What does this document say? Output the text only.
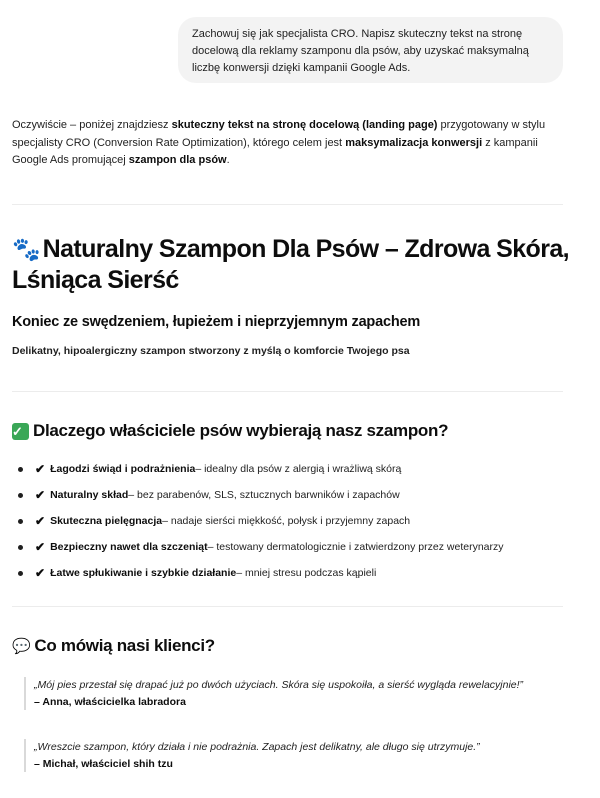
Zachowuj się jak specjalista CRO. Napisz skuteczny tekst na stronę
docelową dla reklamy szamponu dla psów, aby uzyskać maksymalną
liczbę konwersji dzięki kampanii Google Ads.

Oczywiście – poniżej znajdziesz skuteczny tekst na stronę docelową (landing page) przygotowany w stylu specjalisty CRO (Conversion Rate Optimization), którego celem jest maksymalizacja konwersji z kampanii Google Ads promującej szampon dla psów.

🐾Naturalny Szampon Dla Psów – Zdrowa Skóra, Lśniąca Sierść
Koniec ze swędzeniem, łupieżem i nieprzyjemnym zapachem

Delikatny, hipoalergiczny szampon stworzony z myślą o komforcie Twojego psa

✓ Dlaczego właściciele psów wybierają nasz szampon?
✔ Łagodzi świąd i podrażnienia – idealny dla psów z alergią i wrażliwą skórą
✔ Naturalny skład – bez parabenów, SLS, sztucznych barwników i zapachów
✔ Skuteczna pielęgnacja – nadaje sierści miękkość, połysk i przyjemny zapach
✔ Bezpieczny nawet dla szczeniąt – testowany dermatologicznie i zatwierdzony przez weterynarzy
✔ Łatwe spłukiwanie i szybkie działanie – mniej stresu podczas kąpieli
💬 Co mówią nasi klienci?
„Mój pies przestał się drapać już po dwóch użyciach. Skóra się uspokoiła, a sierść wygląda rewelacyjnie!”
– Anna, właścicielka labradora
„Wreszcie szampon, który działa i nie podrażnia. Zapach jest delikatny, ale długo się utrzymuje.”
– Michał, właściciel shih tzu
